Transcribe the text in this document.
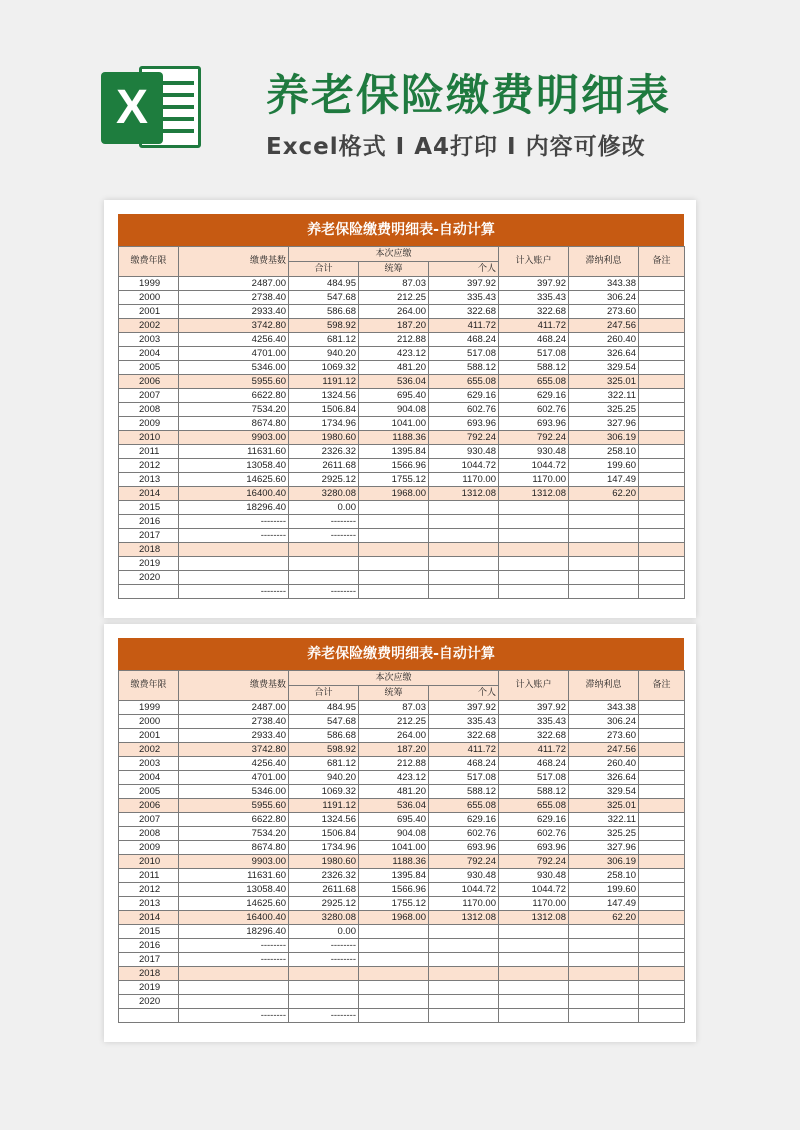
X	养老保险缴费明细表
Excel格式 Ⅰ A4打印 Ⅰ 内容可修改
养老保险缴费明细表-自动计算
缴费年限	缴费基数	本次应缴			计入账户	滞纳利息	备注
		合计	统筹	个人			
1999	2487.00	484.95	87.03	397.92	397.92	343.38	
2000	2738.40	547.68	212.25	335.43	335.43	306.24	
2001	2933.40	586.68	264.00	322.68	322.68	273.60	
2002	3742.80	598.92	187.20	411.72	411.72	247.56	
2003	4256.40	681.12	212.88	468.24	468.24	260.40	
2004	4701.00	940.20	423.12	517.08	517.08	326.64	
2005	5346.00	1069.32	481.20	588.12	588.12	329.54	
2006	5955.60	1191.12	536.04	655.08	655.08	325.01	
2007	6622.80	1324.56	695.40	629.16	629.16	322.11	
2008	7534.20	1506.84	904.08	602.76	602.76	325.25	
2009	8674.80	1734.96	1041.00	693.96	693.96	327.96	
2010	9903.00	1980.60	1188.36	792.24	792.24	306.19	
2011	11631.60	2326.32	1395.84	930.48	930.48	258.10	
2012	13058.40	2611.68	1566.96	1044.72	1044.72	199.60	
2013	14625.60	2925.12	1755.12	1170.00	1170.00	147.49	
2014	16400.40	3280.08	1968.00	1312.08	1312.08	62.20	
2015	18296.40	0.00					
2016	--------	--------					
2017	--------	--------					
2018							
2019							
2020							
	--------	--------					
养老保险缴费明细表-自动计算
缴费年限	缴费基数	本次应缴			计入账户	滞纳利息	备注
		合计	统筹	个人			
1999	2487.00	484.95	87.03	397.92	397.92	343.38	
2000	2738.40	547.68	212.25	335.43	335.43	306.24	
2001	2933.40	586.68	264.00	322.68	322.68	273.60	
2002	3742.80	598.92	187.20	411.72	411.72	247.56	
2003	4256.40	681.12	212.88	468.24	468.24	260.40	
2004	4701.00	940.20	423.12	517.08	517.08	326.64	
2005	5346.00	1069.32	481.20	588.12	588.12	329.54	
2006	5955.60	1191.12	536.04	655.08	655.08	325.01	
2007	6622.80	1324.56	695.40	629.16	629.16	322.11	
2008	7534.20	1506.84	904.08	602.76	602.76	325.25	
2009	8674.80	1734.96	1041.00	693.96	693.96	327.96	
2010	9903.00	1980.60	1188.36	792.24	792.24	306.19	
2011	11631.60	2326.32	1395.84	930.48	930.48	258.10	
2012	13058.40	2611.68	1566.96	1044.72	1044.72	199.60	
2013	14625.60	2925.12	1755.12	1170.00	1170.00	147.49	
2014	16400.40	3280.08	1968.00	1312.08	1312.08	62.20	
2015	18296.40	0.00					
2016	--------	--------					
2017	--------	--------					
2018							
2019							
2020							
	--------	--------					
